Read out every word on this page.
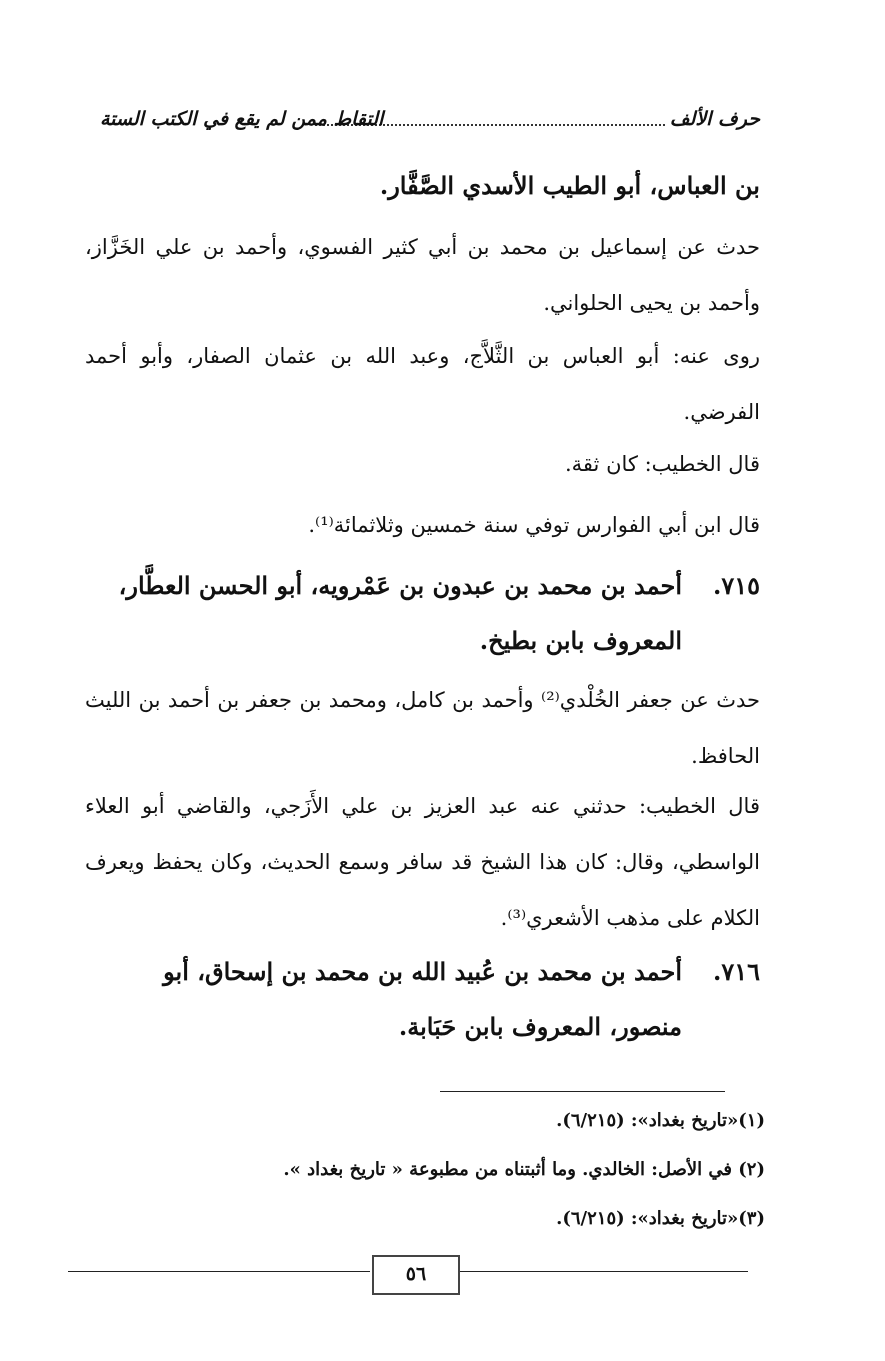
حرف الألف
التقاط ممن لم يقع في الكتب الستة
بن العباس، أبو الطيب الأسدي الصَّفَّار.
حدث عن إسماعيل بن محمد بن أبي كثير الفسوي، وأحمد بن علي الخَزَّاز، وأحمد بن يحيى الحلواني.
روى عنه: أبو العباس بن الثَّلاَّج، وعبد الله بن عثمان الصفار، وأبو أحمد الفرضي.
قال الخطيب: كان ثقة.
قال ابن أبي الفوارس توفي سنة خمسين وثلاثمائة⁽¹⁾.
٧١٥.
أحمد بن محمد بن عبدون بن عَمْرويه، أبو الحسن العطَّار، المعروف بابن بطيخ.
حدث عن جعفر الخُلْدي⁽²⁾ وأحمد بن كامل، ومحمد بن جعفر بن أحمد بن الليث الحافظ.
قال الخطيب: حدثني عنه عبد العزيز بن علي الأَزَجي، والقاضي أبو العلاء الواسطي، وقال: كان هذا الشيخ قد سافر وسمع الحديث، وكان يحفظ ويعرف الكلام على مذهب الأشعري⁽³⁾.
٧١٦.
أحمد بن محمد بن عُبيد الله بن محمد بن إسحاق، أبو منصور، المعروف بابن حَبَابة.
(١)«تاريخ بغداد»: (٦/٢١٥).
(٢) في الأصل: الخالدي. وما أثبتناه من مطبوعة « تاريخ بغداد ».
(٣)«تاريخ بغداد»: (٦/٢١٥).
٥٦
